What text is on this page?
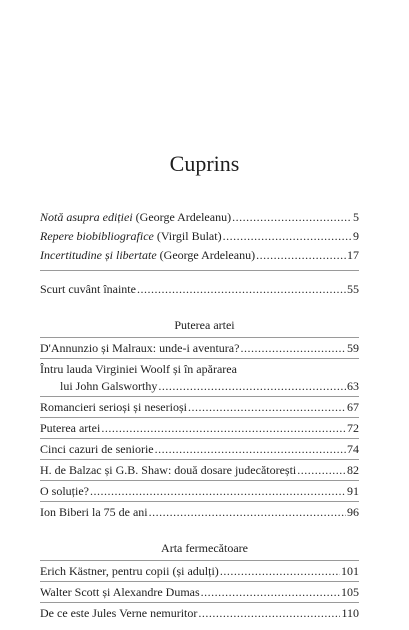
Cuprins
Notă asupra ediției (George Ardeleanu) .....	5
Repere biobibliografice (Virgil Bulat) .....	9
Incertitudine și libertate (George Ardeleanu) .....	17
Scurt cuvânt înainte .....	55
Puterea artei
D'Annunzio și Malraux: unde-i aventura? .....	59
Întru lauda Virginiei Woolf și în apărarea
lui John Galsworthy .....	63
Romancieri serioși și neserioși .....	67
Puterea artei .....	72
Cinci cazuri de seniorie .....	74
H. de Balzac și G.B. Shaw: două dosare judecătorești .....	82
O soluție? .....	91
Ion Biberi la 75 de ani .....	96
Arta fermecătoare
Erich Kästner, pentru copii (și adulți) .....	101
Walter Scott și Alexandre Dumas .....	105
De ce este Jules Verne nemuritor .....	110
